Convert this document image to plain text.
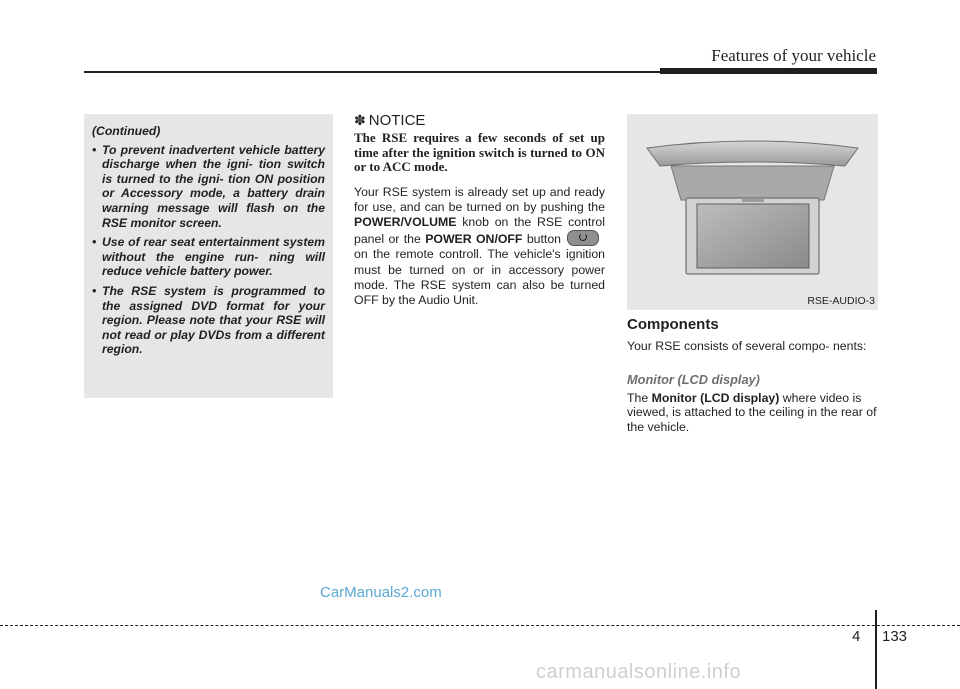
Features of your vehicle

(Continued)

• To prevent inadvertent vehicle battery discharge when the igni- tion switch is turned to the igni- tion ON position or Accessory mode, a battery drain warning message will flash on the RSE monitor screen.
• Use of rear seat entertainment system without the engine run- ning will reduce vehicle battery power.
• The RSE system is programmed to the assigned DVD format for your region. Please note that your RSE will not read or play DVDs from a different region.
✽ NOTICE

The RSE requires a few seconds of set up time after the ignition switch is turned to ON or to ACC mode.

Your RSE system is already set up and ready for use, and can be turned on by pushing the POWER/VOLUME knob on the RSE control panel or the POWER ON/OFF button
on the remote controll. The vehicle's ignition must be turned on or in accessory power mode. The RSE system can also be turned OFF by the Audio Unit.	RSE-AUDIO-3
Components

Your RSE consists of several compo- nents:

Monitor (LCD display)

The Monitor (LCD display) where video is viewed, is attached to the ceiling in the rear of the vehicle.

CarManuals2.com
4 133
carmanualsonline.info
